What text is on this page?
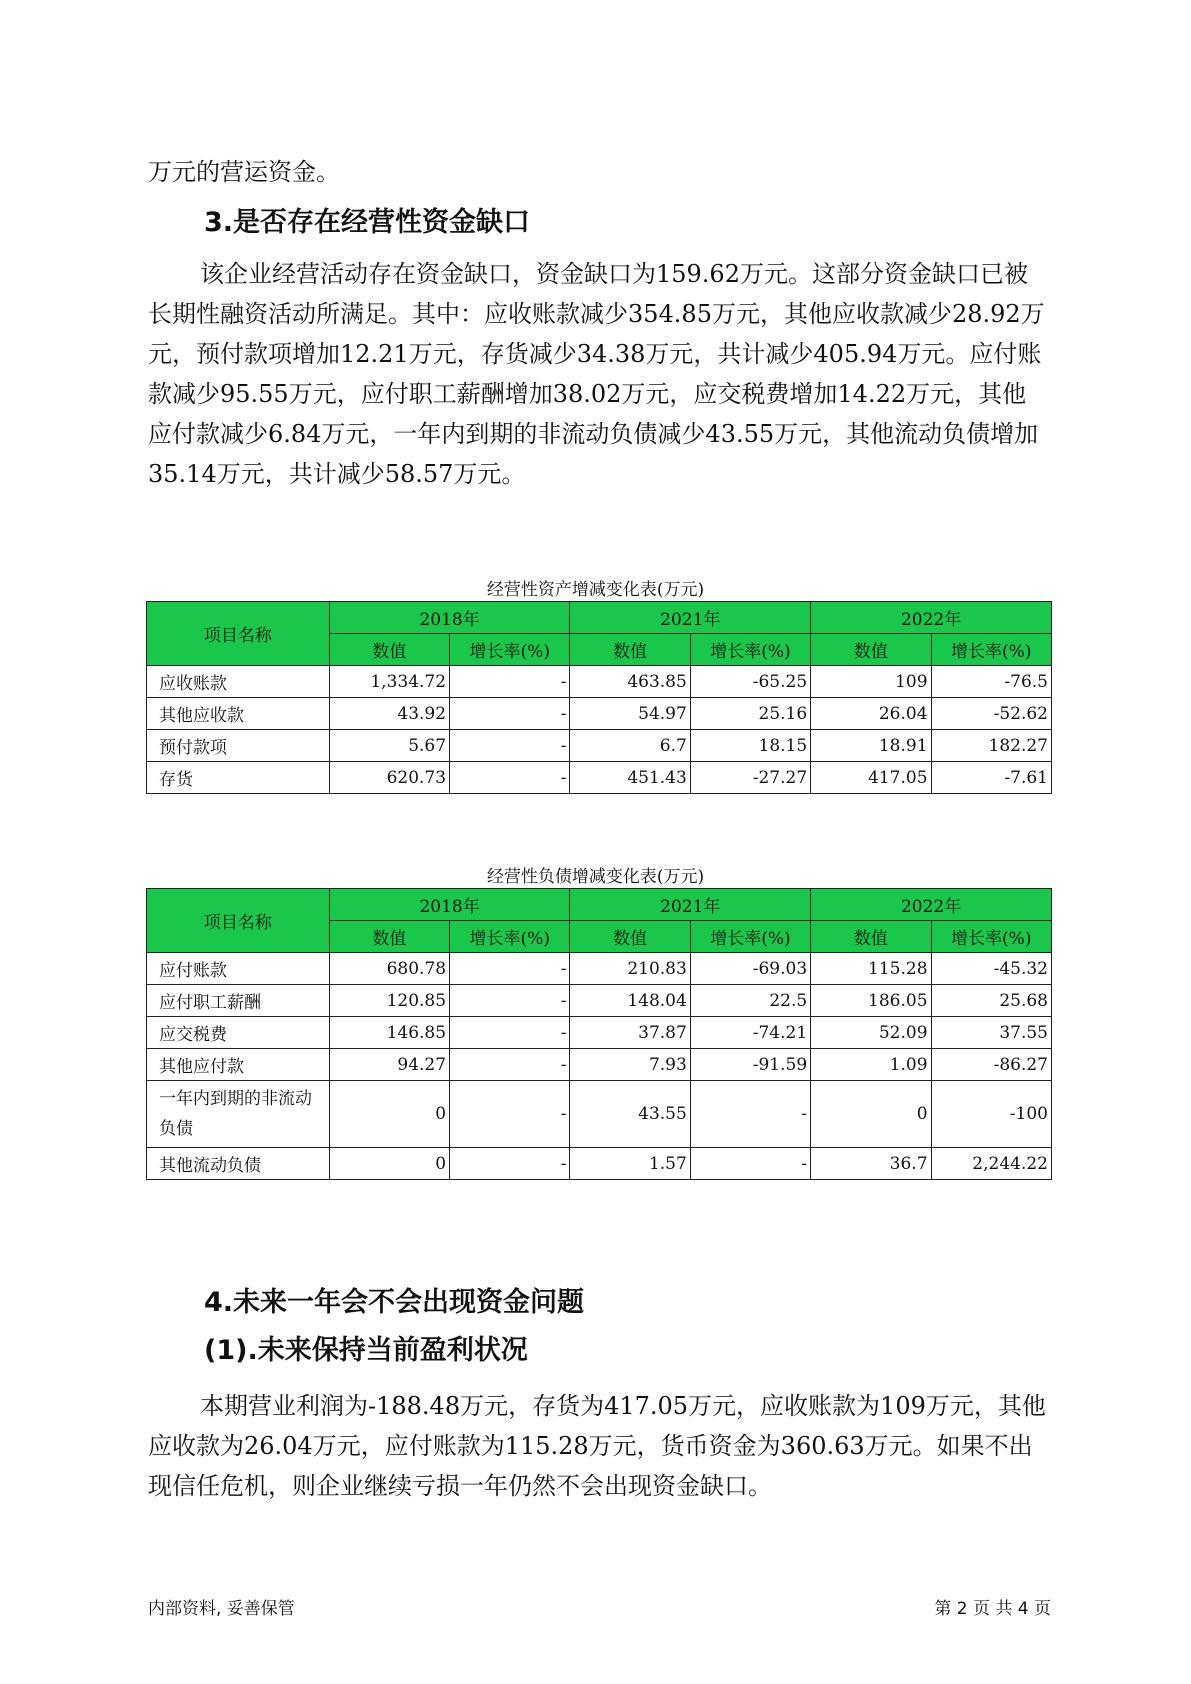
万元的营运资金。

3.是否存在经营性资金缺口

该企业经营活动存在资金缺口，资金缺口为159.62万元。这部分资金缺口已被长期性融资活动所满足。其中：应收账款减少354.85万元，其他应收款减少28.92万元，预付款项增加12.21万元，存货减少34.38万元，共计减少405.94万元。应付账款减少95.55万元，应付职工薪酬增加38.02万元，应交税费增加14.22万元，其他应付款减少6.84万元，一年内到期的非流动负债减少43.55万元，其他流动负债增加35.14万元，共计减少58.57万元。

经营性资产增减变化表(万元)

项目名称	2018年		2021年		2022年	
	数值	增长率(%)	数值	增长率(%)	数值	增长率(%)
应收账款	1,334.72	-	463.85	-65.25	109	-76.5
其他应收款	43.92	-	54.97	25.16	26.04	-52.62
预付款项	5.67	-	6.7	18.15	18.91	182.27
存货	620.73	-	451.43	-27.27	417.05	-7.61

经营性负债增减变化表(万元)

项目名称	2018年		2021年		2022年	
	数值	增长率(%)	数值	增长率(%)	数值	增长率(%)
应付账款	680.78	-	210.83	-69.03	115.28	-45.32
应付职工薪酬	120.85	-	148.04	22.5	186.05	25.68
应交税费	146.85	-	37.87	-74.21	52.09	37.55
其他应付款	94.27	-	7.93	-91.59	1.09	-86.27
一年内到期的非流动负债	0	-	43.55	-	0	-100
其他流动负债	0	-	1.57	-	36.7	2,244.22
4.未来一年会不会出现资金问题
(1).未来保持当前盈利状况

本期营业利润为-188.48万元，存货为417.05万元，应收账款为109万元，其他应收款为26.04万元，应付账款为115.28万元，货币资金为360.63万元。如果不出现信任危机，则企业继续亏损一年仍然不会出现资金缺口。

内部资料, 妥善保管	第 2 页 共 4 页
